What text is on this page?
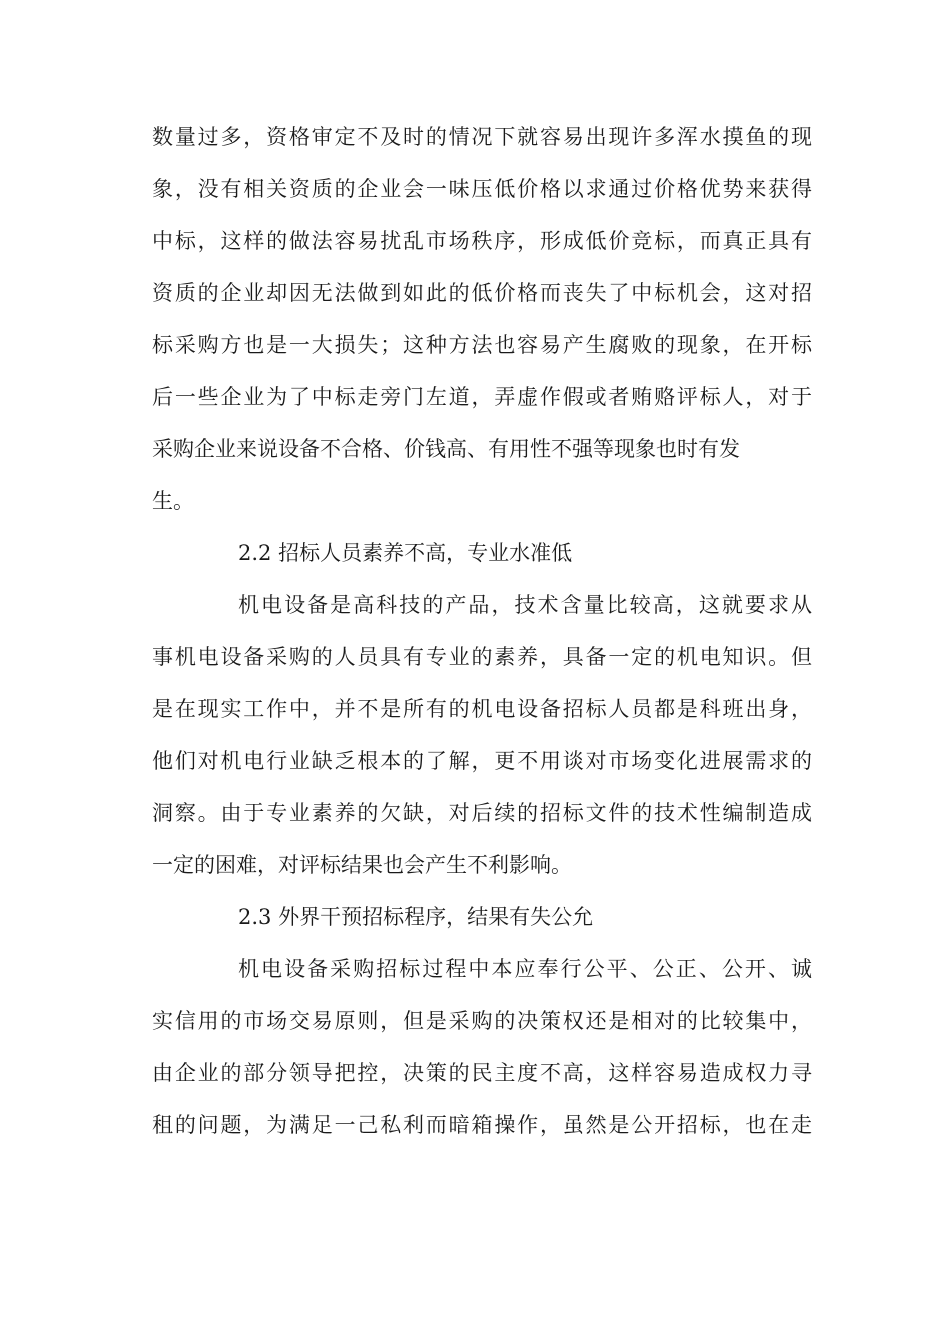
数量过多，资格审定不及时的情况下就容易出现许多浑水摸鱼的现
象，没有相关资质的企业会一味压低价格以求通过价格优势来获得
中标，这样的做法容易扰乱市场秩序，形成低价竞标，而真正具有
资质的企业却因无法做到如此的低价格而丧失了中标机会，这对招
标采购方也是一大损失；这种方法也容易产生腐败的现象，在开标
后一些企业为了中标走旁门左道，弄虚作假或者贿赂评标人，对于
采购企业来说设备不合格、价钱高、有用性不强等现象也时有发
生。
2.2 招标人员素养不高，专业水准低
机电设备是高科技的产品，技术含量比较高，这就要求从
事机电设备采购的人员具有专业的素养，具备一定的机电知识。但
是在现实工作中，并不是所有的机电设备招标人员都是科班出身，
他们对机电行业缺乏根本的了解，更不用谈对市场变化进展需求的
洞察。由于专业素养的欠缺，对后续的招标文件的技术性编制造成
一定的困难，对评标结果也会产生不利影响。
2.3 外界干预招标程序，结果有失公允
机电设备采购招标过程中本应奉行公平、公正、公开、诚
实信用的市场交易原则，但是采购的决策权还是相对的比较集中，
由企业的部分领导把控，决策的民主度不高，这样容易造成权力寻
租的问题，为满足一己私利而暗箱操作，虽然是公开招标，也在走
